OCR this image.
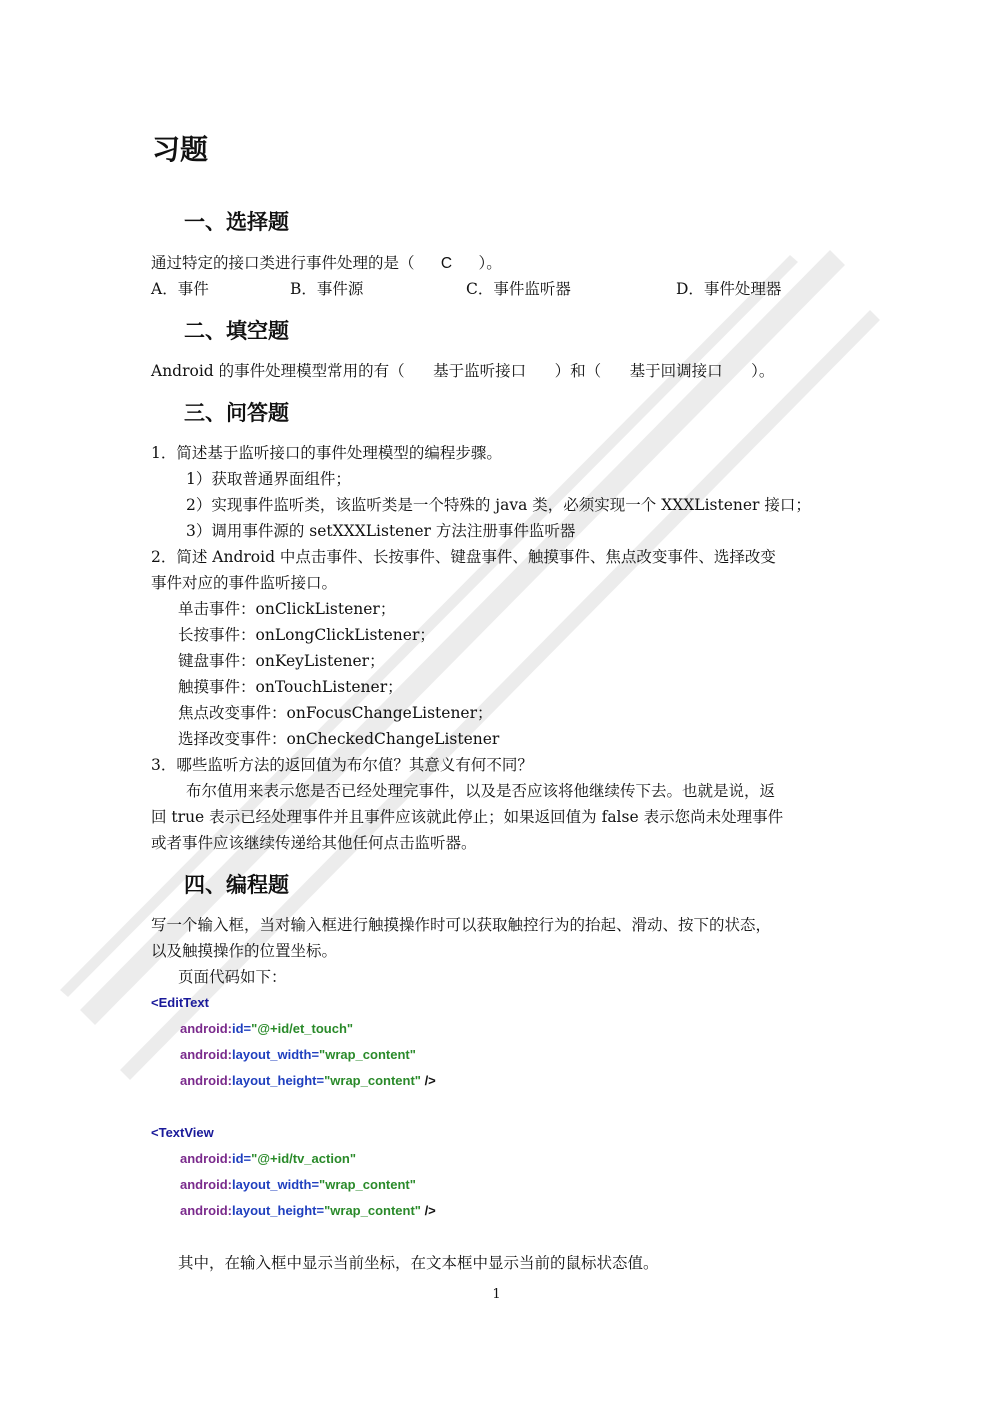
习题
一、选择题
通过特定的接口类进行事件处理的是（ C ）。
A．事件	B．事件源	C．事件监听器	D．事件处理器
二、填空题
Android 的事件处理模型常用的有（ 基于监听接口 ）和（ 基于回调接口 ）。
三、问答题
1．简述基于监听接口的事件处理模型的编程步骤。
1）获取普通界面组件；
2）实现事件监听类，该监听类是一个特殊的 java 类，必须实现一个 XXXListener 接口；
3）调用事件源的 setXXXListener 方法注册事件监听器
2．简述 Android 中点击事件、长按事件、键盘事件、触摸事件、焦点改变事件、选择改变
事件对应的事件监听接口。
单击事件：onClickListener；
长按事件：onLongClickListener；
键盘事件：onKeyListener；
触摸事件：onTouchListener；
焦点改变事件：onFocusChangeListener；
选择改变事件：onCheckedChangeListener
3．哪些监听方法的返回值为布尔值？其意义有何不同？
布尔值用来表示您是否已经处理完事件，以及是否应该将他继续传下去。也就是说，返
回 true 表示已经处理事件并且事件应该就此停止；如果返回值为 false 表示您尚未处理事件
或者事件应该继续传递给其他任何点击监听器。
四、编程题
写一个输入框，当对输入框进行触摸操作时可以获取触控行为的抬起、滑动、按下的状态，
以及触摸操作的位置坐标。
页面代码如下：
<EditText
android:id="@+id/et_touch"
android:layout_width="wrap_content"
android:layout_height="wrap_content" />
<TextView
android:id="@+id/tv_action"
android:layout_width="wrap_content"
android:layout_height="wrap_content" />
其中，在输入框中显示当前坐标，在文本框中显示当前的鼠标状态值。
1
